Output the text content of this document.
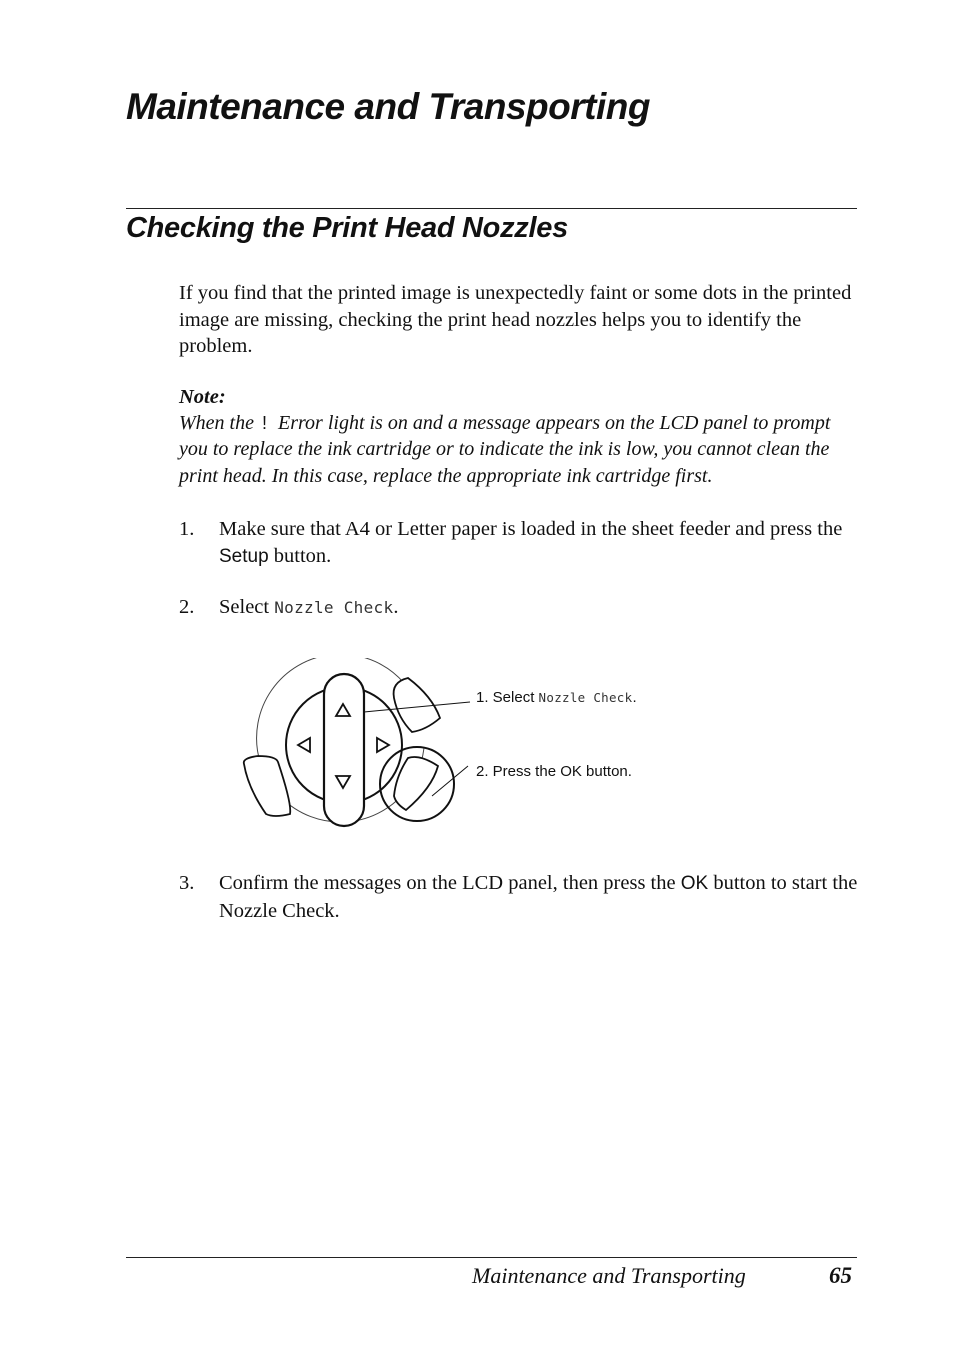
Maintenance and Transporting
Checking the Print Head Nozzles

If you find that the printed image is unexpectedly faint or some dots in the printed image are missing, checking the print head nozzles helps you to identify the problem.

Note:

When the ! Error light is on and a message appears on the LCD panel to prompt you to replace the ink cartridge or to indicate the ink is low, you cannot clean the print head. In this case, replace the appropriate ink cartridge first.

1. Make sure that A4 or Letter paper is loaded in the sheet feeder and press the Setup button.
2. Select Nozzle Check.
1. Select Nozzle Check.
2. Press the OK button.
3. Confirm the messages on the LCD panel, then press the OK button to start the Nozzle Check.
Maintenance and Transporting	65
